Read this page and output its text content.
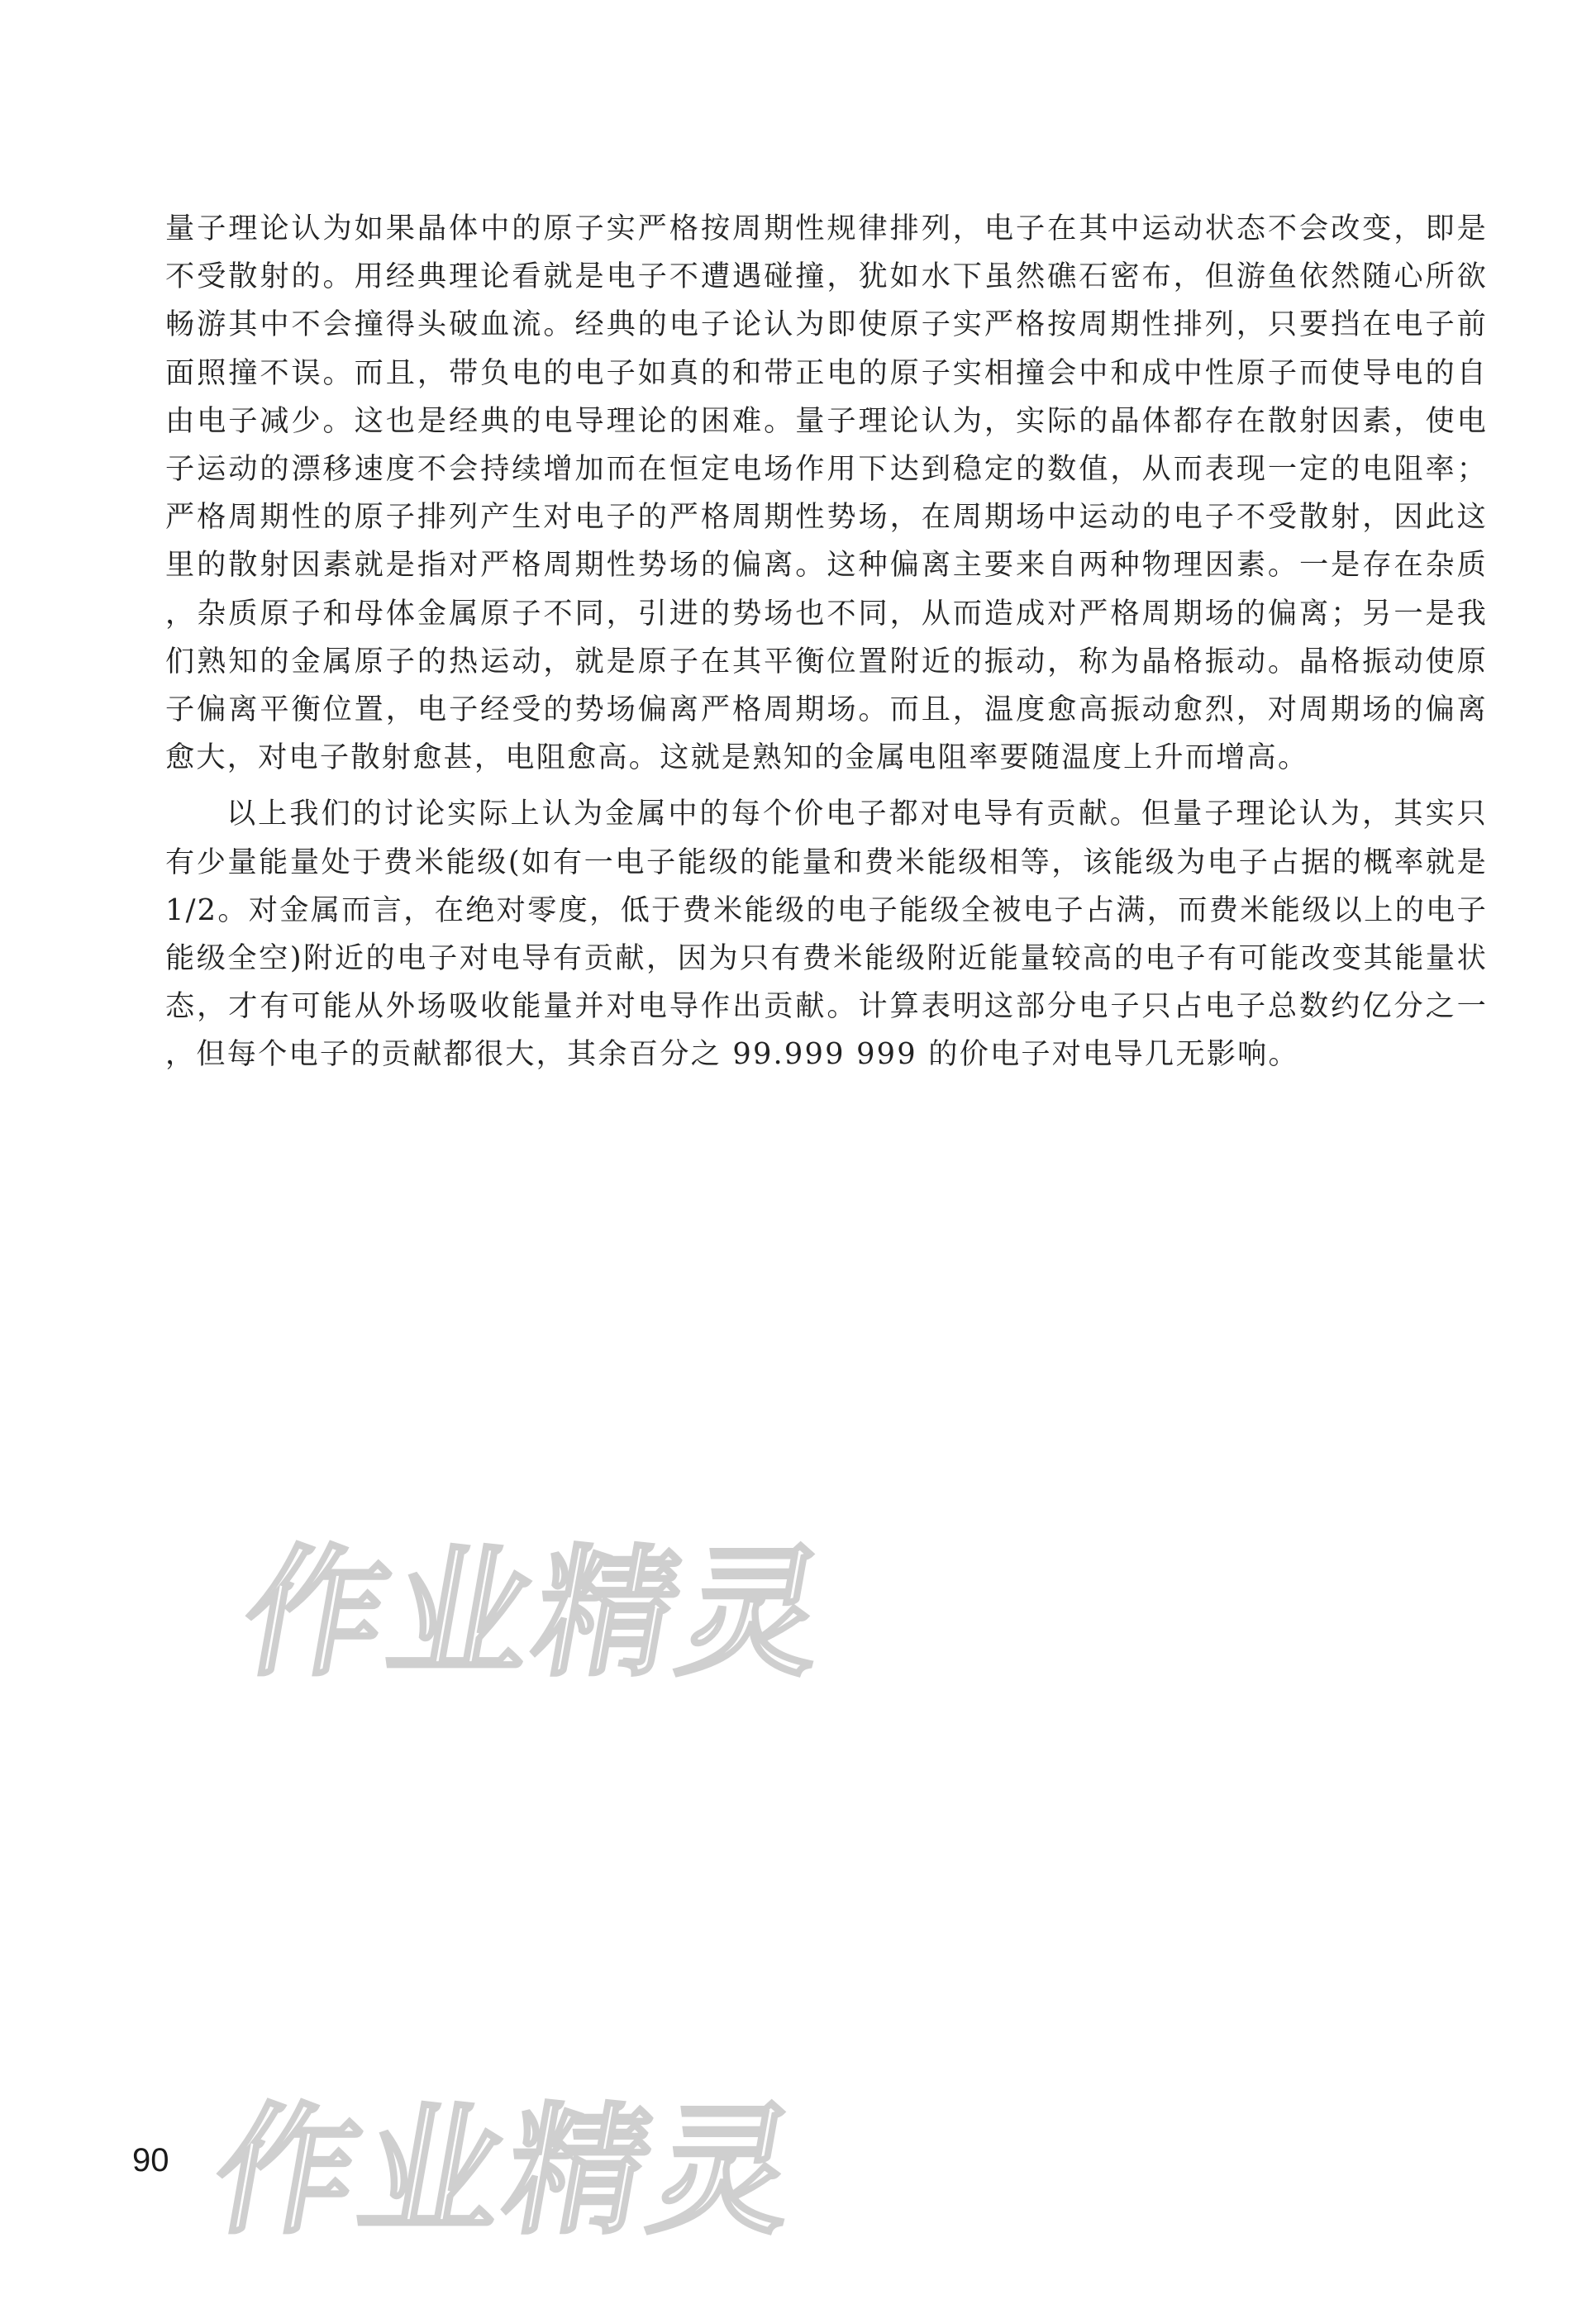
量子理论认为如果晶体中的原子实严格按周期性规律排列，电子在其中运动状态不会改变，即是不受散射的。用经典理论看就是电子不遭遇碰撞，犹如水下虽然礁石密布，但游鱼依然随心所欲畅游其中不会撞得头破血流。经典的电子论认为即使原子实严格按周期性排列，只要挡在电子前面照撞不误。而且，带负电的电子如真的和带正电的原子实相撞会中和成中性原子而使导电的自由电子减少。这也是经典的电导理论的困难。量子理论认为，实际的晶体都存在散射因素，使电子运动的漂移速度不会持续增加而在恒定电场作用下达到稳定的数值，从而表现一定的电阻率；严格周期性的原子排列产生对电子的严格周期性势场，在周期场中运动的电子不受散射，因此这里的散射因素就是指对严格周期性势场的偏离。这种偏离主要来自两种物理因素。一是存在杂质，杂质原子和母体金属原子不同，引进的势场也不同，从而造成对严格周期场的偏离；另一是我们熟知的金属原子的热运动，就是原子在其平衡位置附近的振动，称为晶格振动。晶格振动使原子偏离平衡位置，电子经受的势场偏离严格周期场。而且，温度愈高振动愈烈，对周期场的偏离愈大，对电子散射愈甚，电阻愈高。这就是熟知的金属电阻率要随温度上升而增高。

以上我们的讨论实际上认为金属中的每个价电子都对电导有贡献。但量子理论认为，其实只有少量能量处于费米能级(如有一电子能级的能量和费米能级相等，该能级为电子占据的概率就是 1/2。对金属而言，在绝对零度，低于费米能级的电子能级全被电子占满，而费米能级以上的电子能级全空)附近的电子对电导有贡献，因为只有费米能级附近能量较高的电子有可能改变其能量状态，才有可能从外场吸收能量并对电导作出贡献。计算表明这部分电子只占电子总数约亿分之一，但每个电子的贡献都很大，其余百分之 99.999 999 的价电子对电导几无影响。

作业精灵
作业精灵
90
